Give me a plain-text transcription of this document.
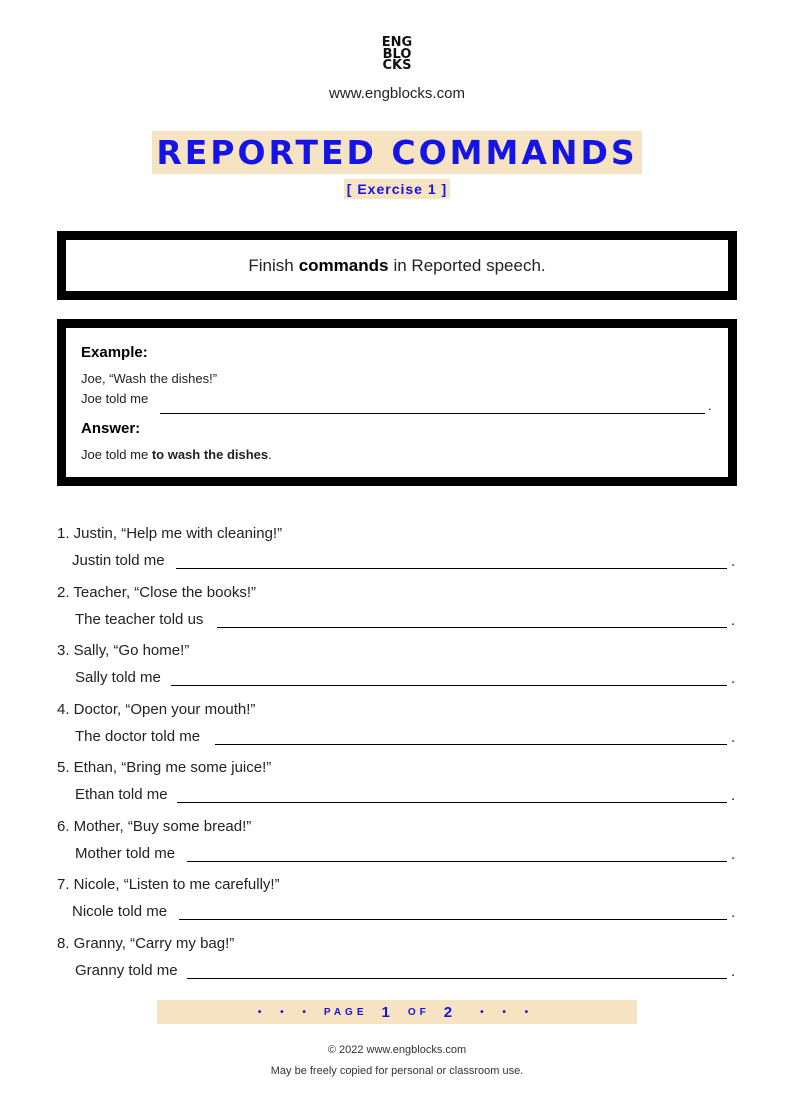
ENG
BLO
CKS
www.engblocks.com
REPORTED COMMANDS
[ Exercise 1 ]
Finish commands in Reported speech.
Example:
Joe, “Wash the dishes!”
Joe told me	.
Answer:
Joe told me to wash the dishes.
1. Justin, “Help me with cleaning!”
Justin told me	.
2. Teacher, “Close the books!”
The teacher told us	.
3. Sally, “Go home!”
Sally told me	.
4. Doctor, “Open your mouth!”
The doctor told me	.
5. Ethan, “Bring me some juice!”
Ethan told me	.
6. Mother, “Buy some bread!”
Mother told me	.
7. Nicole, “Listen to me carefully!”
Nicole told me	.
8. Granny, “Carry my bag!”
Granny told me	.
• • • PAGE 1 OF 2 • • •
© 2022 www.engblocks.com
May be freely copied for personal or classroom use.
